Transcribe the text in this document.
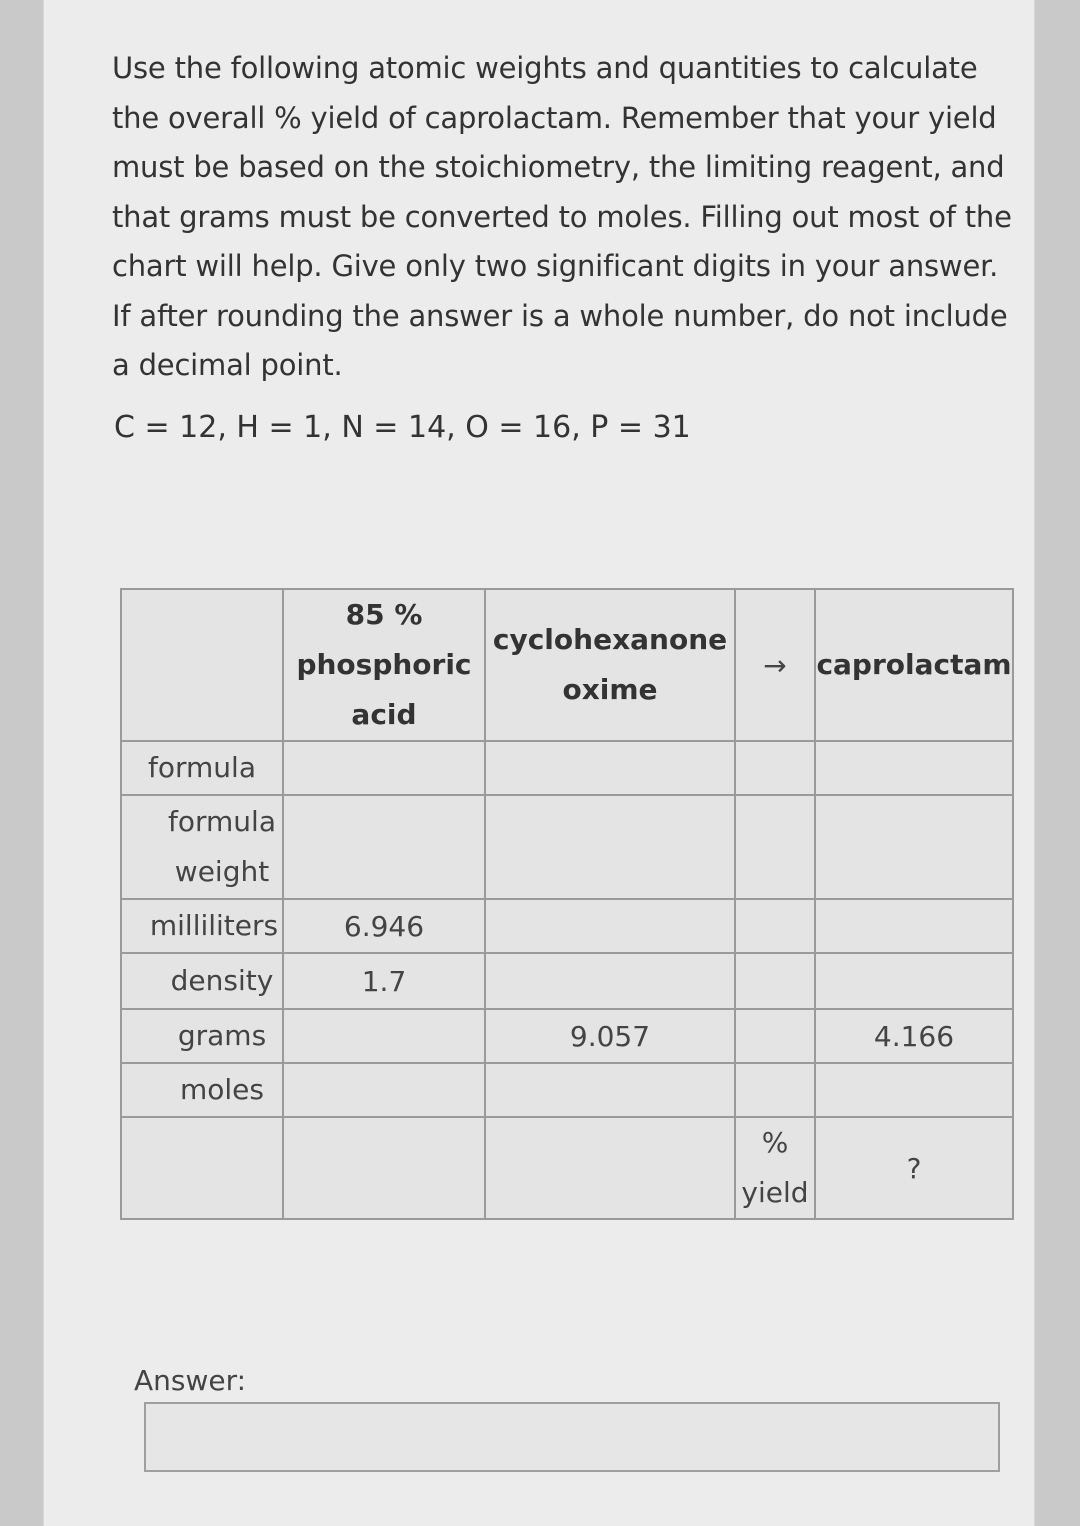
Use the following atomic weights and quantities to calculate the overall % yield of caprolactam. Remember that your yield must be based on the stoichiometry, the limiting reagent, and that grams must be converted to moles. Filling out most of the chart will help. Give only two significant digits in your answer. If after rounding the answer is a whole number, do not include a decimal point.
C = 12, H = 1, N = 14, O = 16, P = 31
	85 % phosphoric acid	cyclohexanone oxime	→	caprolactam
formula				
formula weight				
milliliters	6.946			
density	1.7			
grams		9.057		4.166
moles				
			% yield	?
Answer:
